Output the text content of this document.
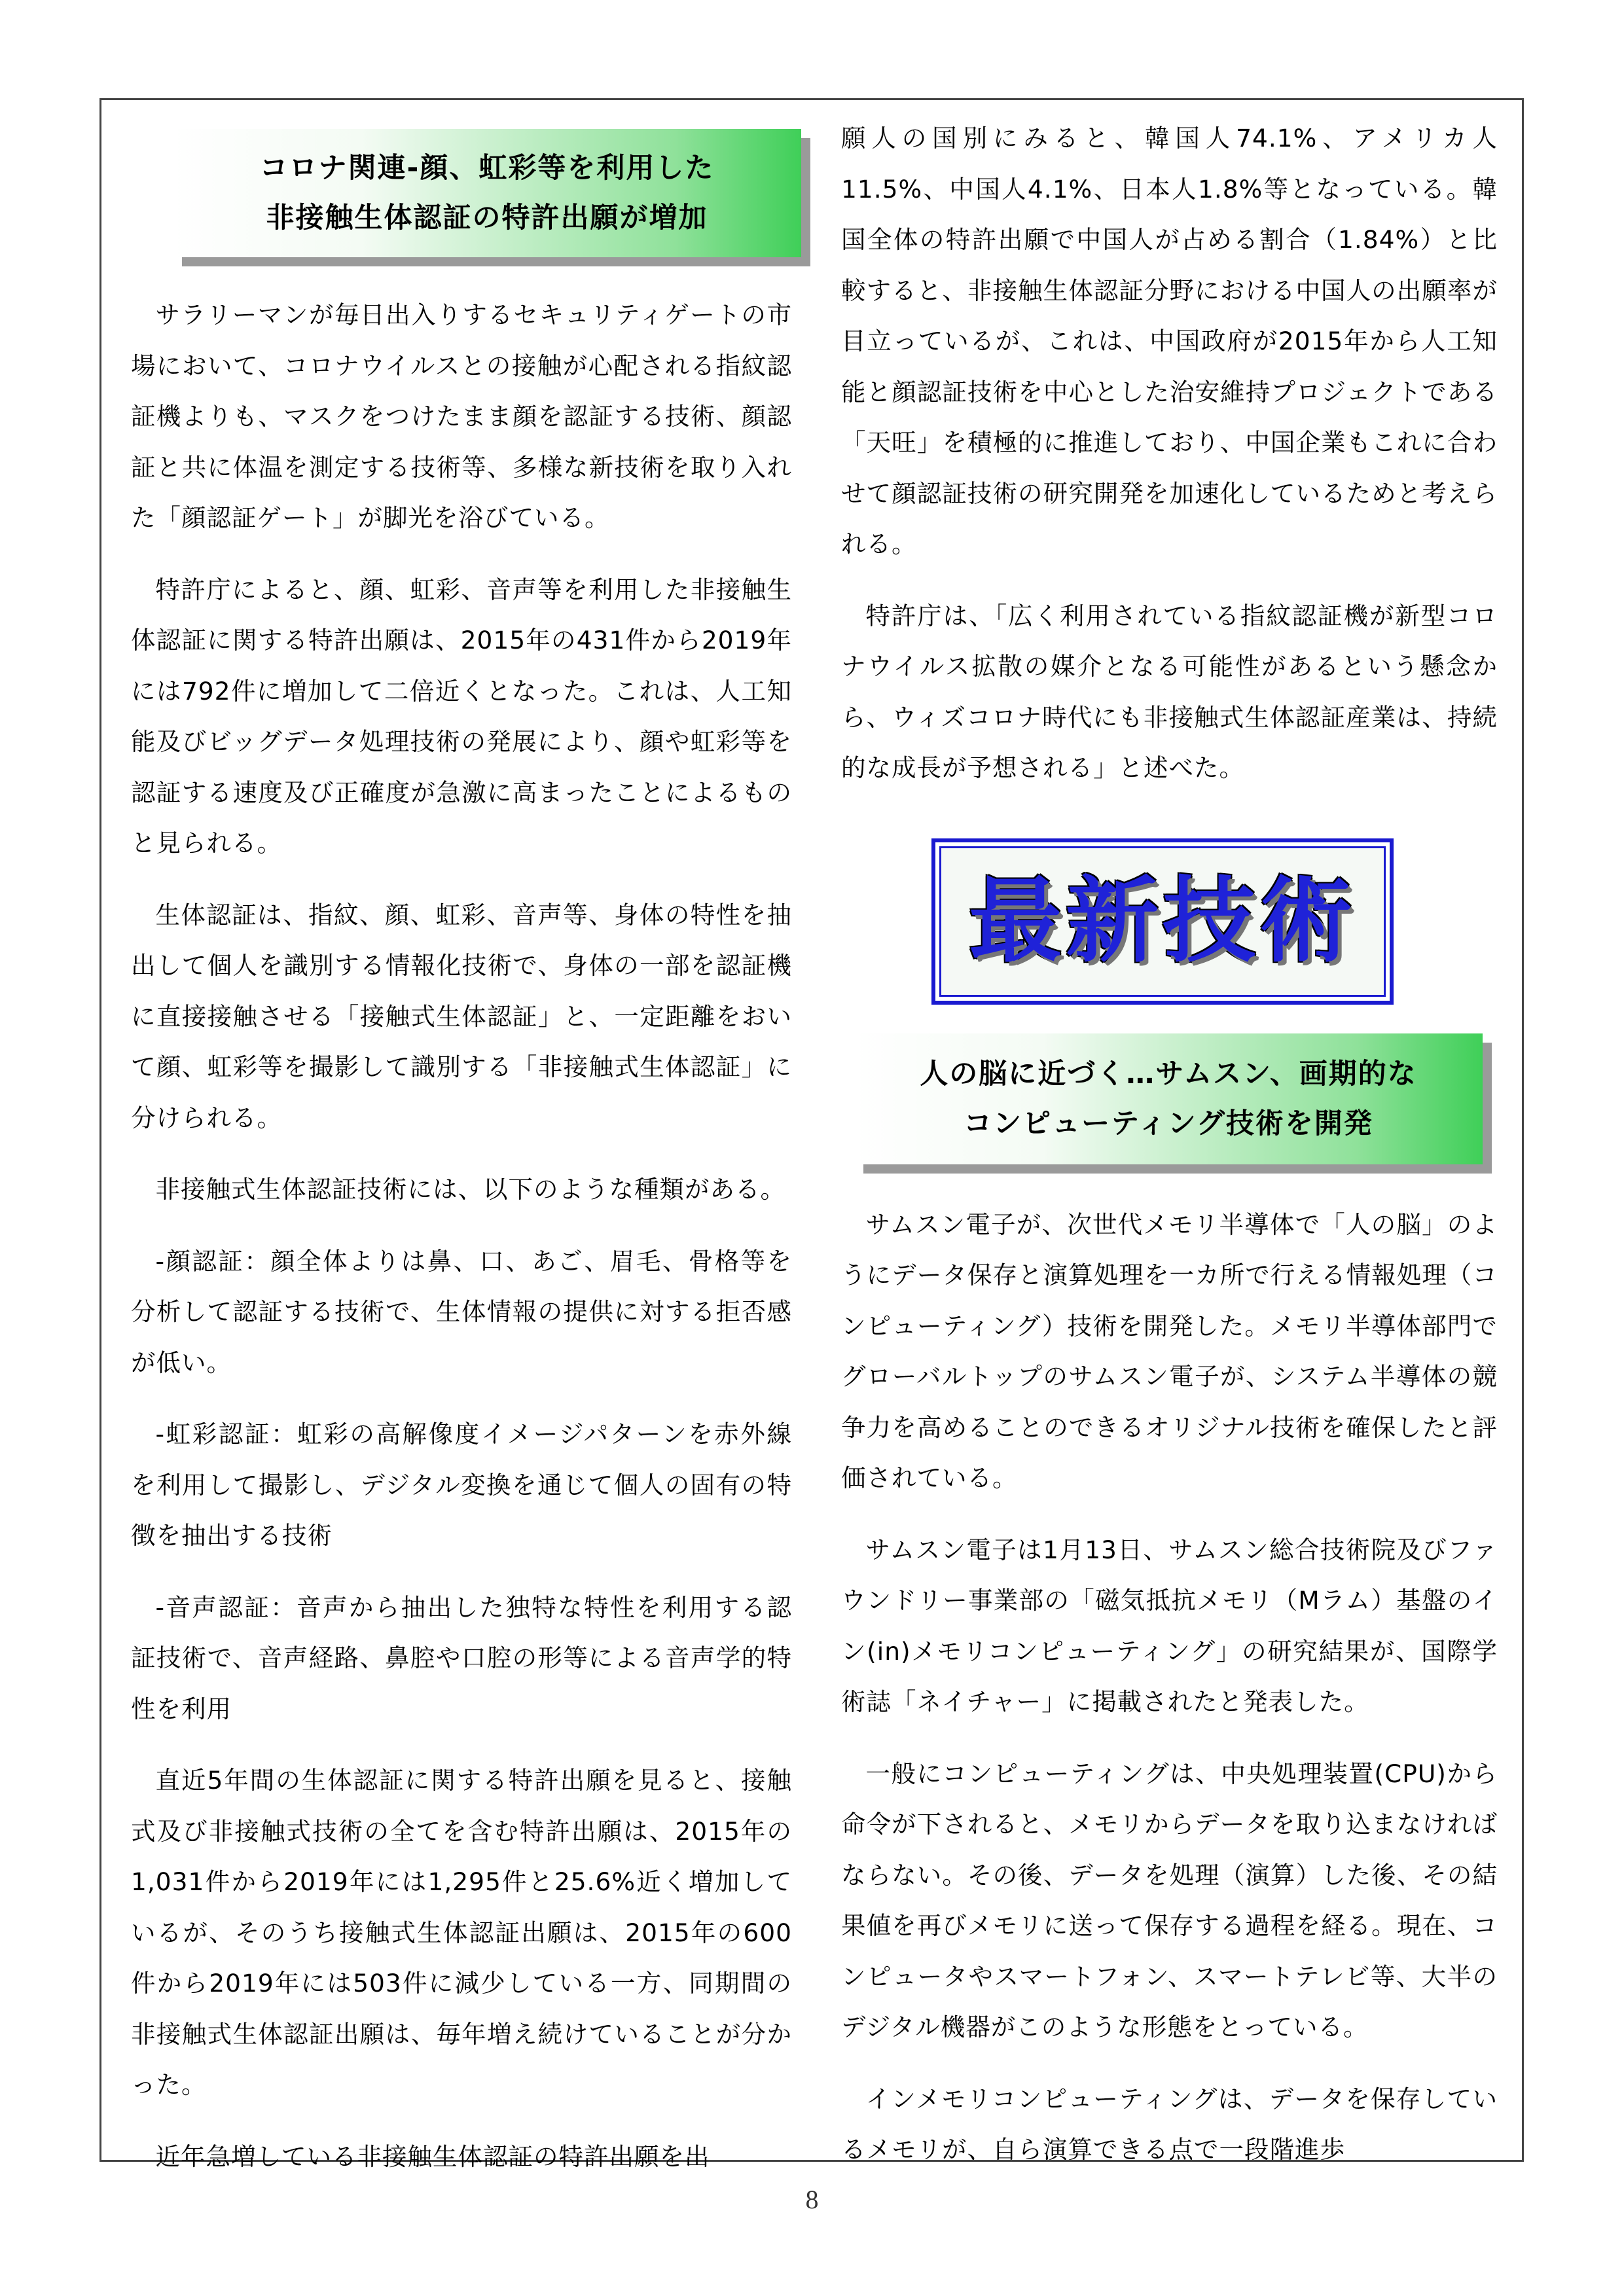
コロナ関連-顔、虹彩等を利用した
非接触生体認証の特許出願が増加

サラリーマンが毎日出入りするセキュリティゲートの市場において、コロナウイルスとの接触が心配される指紋認証機よりも、マスクをつけたまま顔を認証する技術、顔認証と共に体温を測定する技術等、多様な新技術を取り入れた「顔認証ゲート」が脚光を浴びている。

特許庁によると、顔、虹彩、音声等を利用した非接触生体認証に関する特許出願は、2015年の431件から2019年には792件に増加して二倍近くとなった。これは、人工知能及びビッグデータ処理技術の発展により、顔や虹彩等を認証する速度及び正確度が急激に高まったことによるものと見られる。

生体認証は、指紋、顔、虹彩、音声等、身体の特性を抽出して個人を識別する情報化技術で、身体の一部を認証機に直接接触させる「接触式生体認証」と、一定距離をおいて顔、虹彩等を撮影して識別する「非接触式生体認証」に分けられる。

非接触式生体認証技術には、以下のような種類がある。

-顔認証：顔全体よりは鼻、口、あご、眉毛、骨格等を分析して認証する技術で、生体情報の提供に対する拒否感が低い。

-虹彩認証：虹彩の高解像度イメージパターンを赤外線を利用して撮影し、デジタル変換を通じて個人の固有の特徴を抽出する技術

-音声認証：音声から抽出した独特な特性を利用する認証技術で、音声経路、鼻腔や口腔の形等による音声学的特性を利用

直近5年間の生体認証に関する特許出願を見ると、接触式及び非接触式技術の全てを含む特許出願は、2015年の1,031件から2019年には1,295件と25.6%近く増加しているが、そのうち接触式生体認証出願は、2015年の600件から2019年には503件に減少している一方、同期間の非接触式生体認証出願は、毎年増え続けていることが分かった。

近年急増している非接触生体認証の特許出願を出

願人の国別にみると、韓国人74.1%、アメリカ人11.5%、中国人4.1%、日本人1.8%等となっている。韓国全体の特許出願で中国人が占める割合（1.84%）と比較すると、非接触生体認証分野における中国人の出願率が目立っているが、これは、中国政府が2015年から人工知能と顔認証技術を中心とした治安維持プロジェクトである「天旺」を積極的に推進しており、中国企業もこれに合わせて顔認証技術の研究開発を加速化しているためと考えられる。

特許庁は、「広く利用されている指紋認証機が新型コロナウイルス拡散の媒介となる可能性があるという懸念から、ウィズコロナ時代にも非接触式生体認証産業は、持続的な成長が予想される」と述べた。

最新技術
人の脳に近づく…サムスン、画期的な
コンピューティング技術を開発

サムスン電子が、次世代メモリ半導体で「人の脳」のようにデータ保存と演算処理を一カ所で行える情報処理（コンピューティング）技術を開発した。メモリ半導体部門でグローバルトップのサムスン電子が、システム半導体の競争力を高めることのできるオリジナル技術を確保したと評価されている。

サムスン電子は1月13日、サムスン総合技術院及びファウンドリー事業部の「磁気抵抗メモリ（Mラム）基盤のイン(in)メモリコンピューティング」の研究結果が、国際学術誌「ネイチャー」に掲載されたと発表した。

一般にコンピューティングは、中央処理装置(CPU)から命令が下されると、メモリからデータを取り込まなければならない。その後、データを処理（演算）した後、その結果値を再びメモリに送って保存する過程を経る。現在、コンピュータやスマートフォン、スマートテレビ等、大半のデジタル機器がこのような形態をとっている。

インメモリコンピューティングは、データを保存しているメモリが、自ら演算できる点で一段階進歩

8
